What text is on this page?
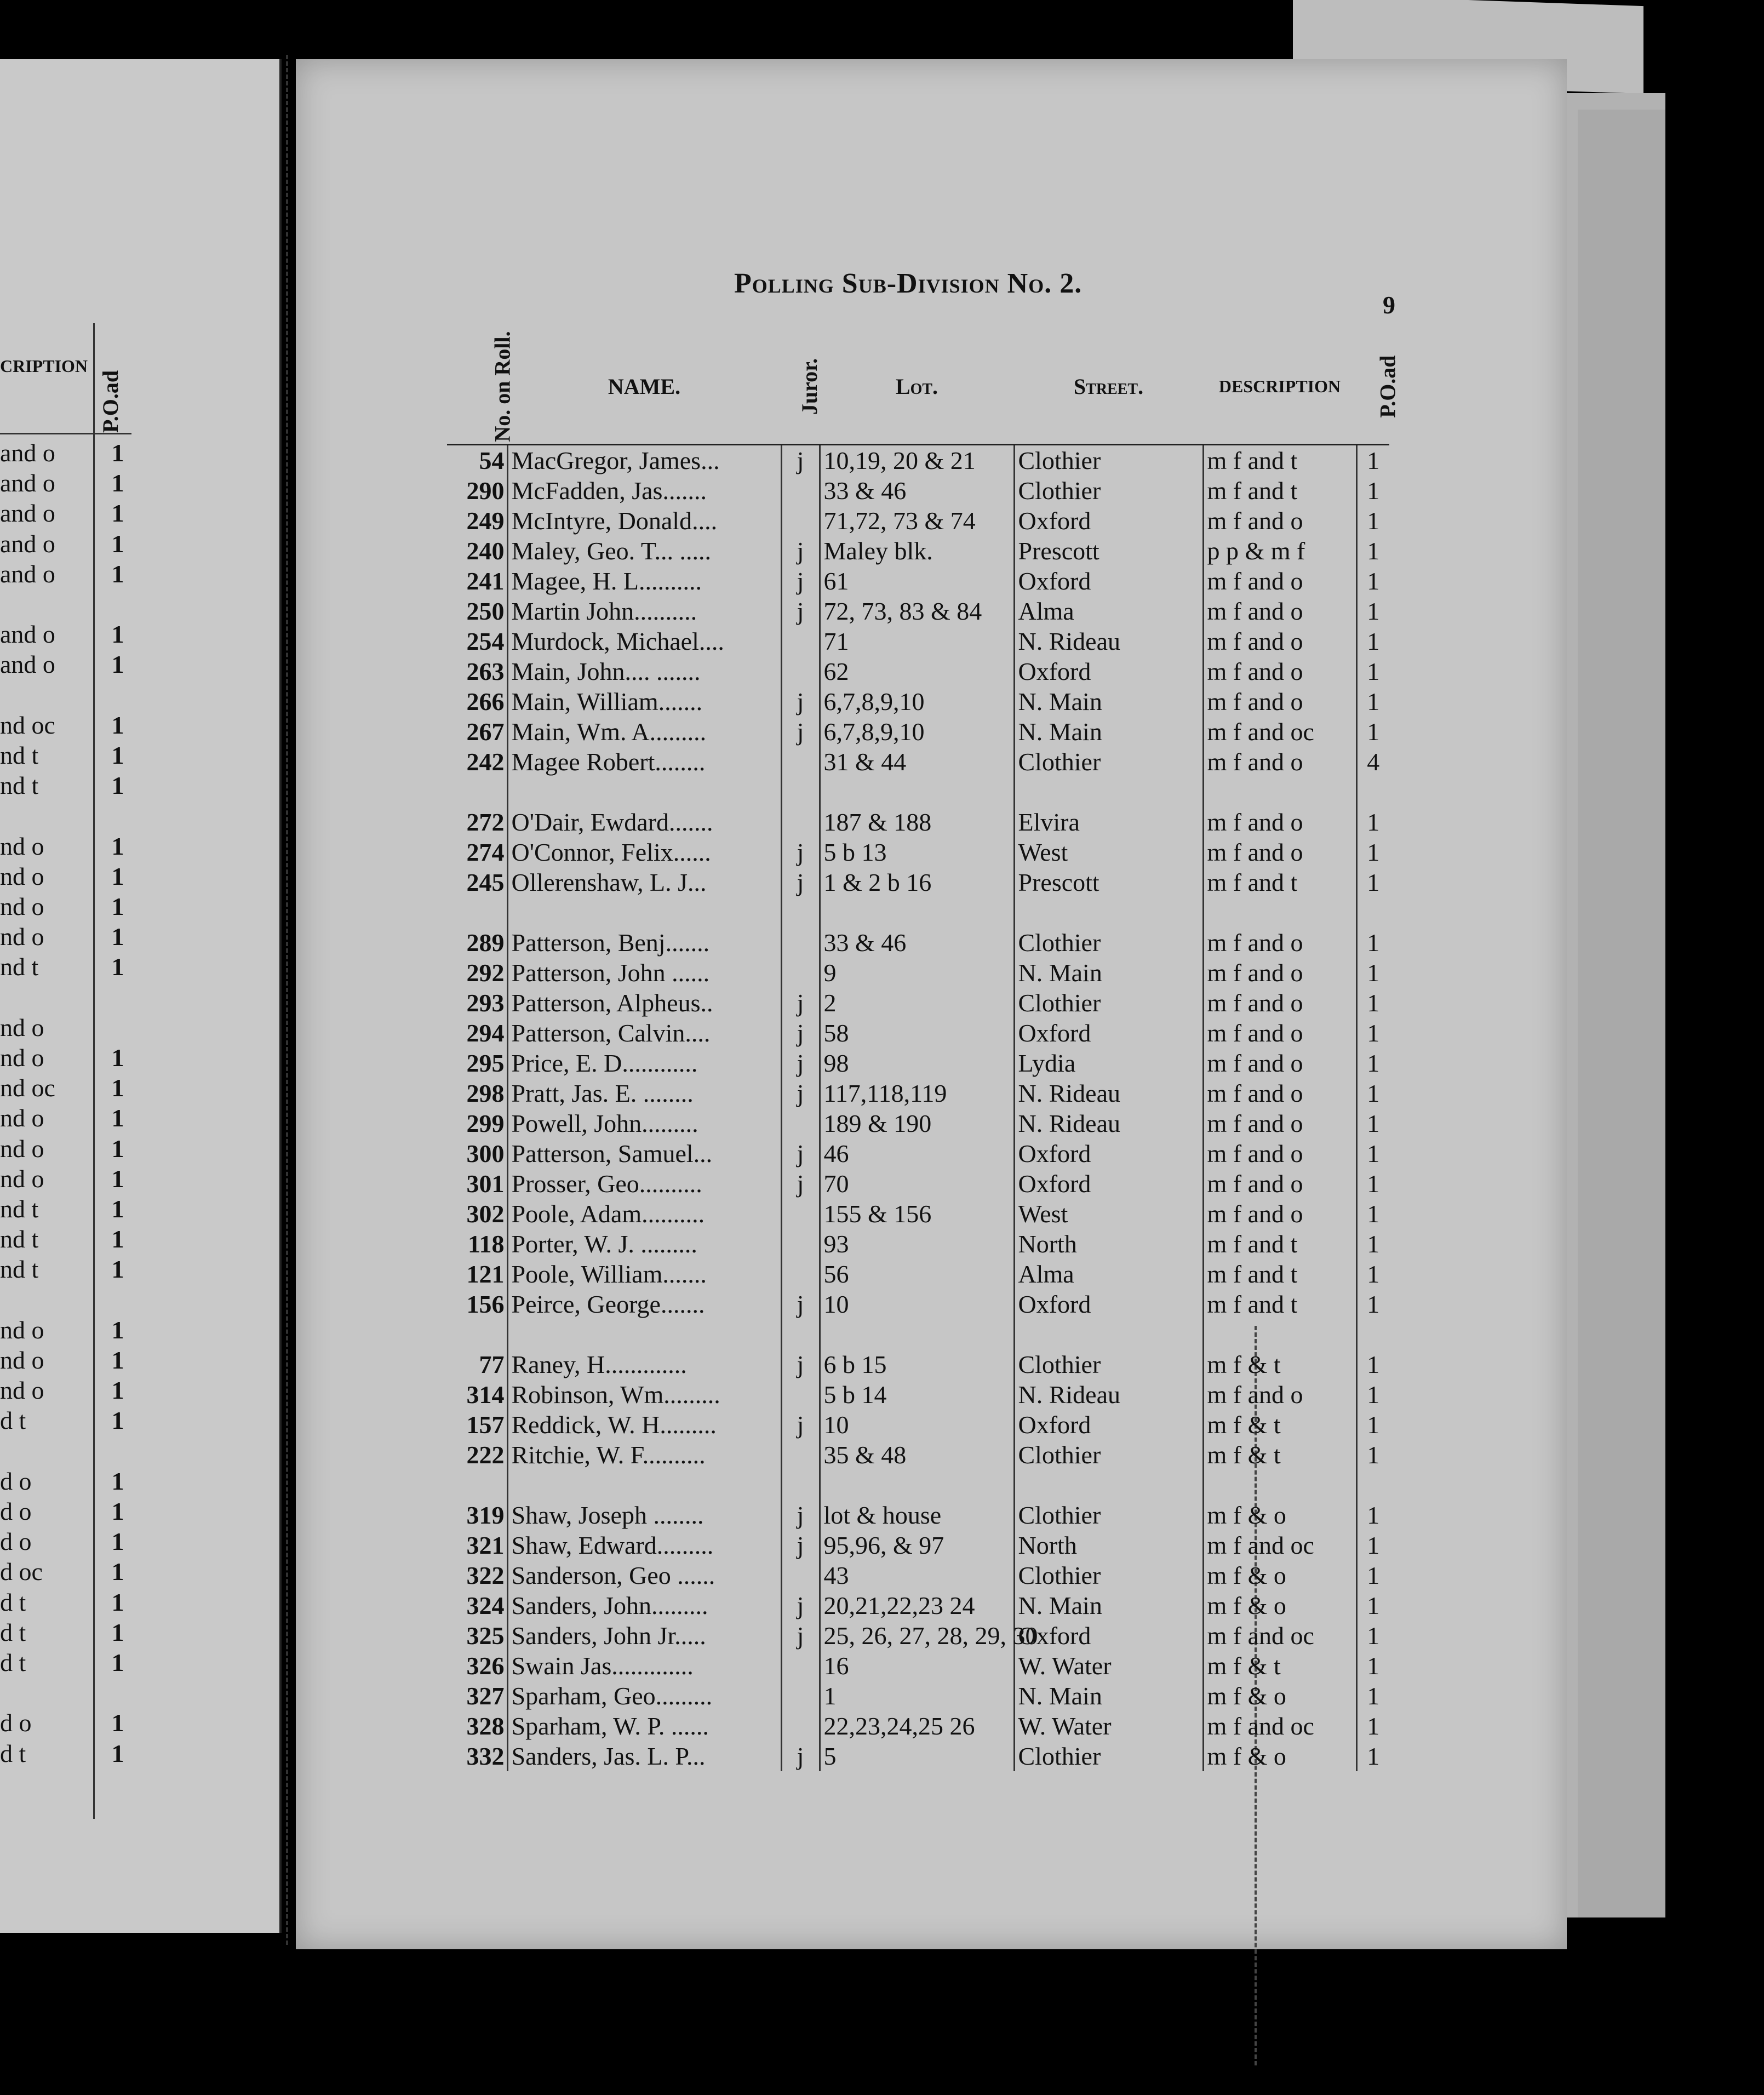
CRIPTION
P.O.ad
and o	1
and o	1
and o	1
and o	1
and o	1
and o	1
and o	1
nd oc	1
nd t	1
nd t	1
nd o	1
nd o	1
nd o	1
nd o	1
nd t	1
nd o
nd o	1
nd oc	1
nd o	1
nd o	1
nd o	1
nd t	1
nd t	1
nd t	1
nd o	1
nd o	1
nd o	1
d t	1
d o	1
d o	1
d o	1
d oc	1
d t	1
d t	1
d t	1
d o	1
d t	1
Polling Sub-Division No. 2.
9
No. on Roll.	NAME.	Juror.	Lot.	Street.	DESCRIPTION	P.O.ad
54	MacGregor, James...	j	10,19, 20 & 21	Clothier	m f and t	1
290	McFadden, Jas.......		33 & 46	Clothier	m f and t	1
249	McIntyre, Donald....		71,72, 73 & 74	Oxford	m f and o	1
240	Maley, Geo. T... .....	j	Maley blk.	Prescott	p p & m f	1
241	Magee, H. L..........	j	61	Oxford	m f and o	1
250	Martin John..........	j	72, 73, 83 & 84	Alma	m f and o	1
254	Murdock, Michael....		71	N. Rideau	m f and o	1
263	Main, John.... .......		62	Oxford	m f and o	1
266	Main, William.......	j	6,7,8,9,10	N. Main	m f and o	1
267	Main, Wm. A.........	j	6,7,8,9,10	N. Main	m f and oc	1
242	Magee Robert........		31 & 44	Clothier	m f and o	4

272	O'Dair, Ewdard.......		187 & 188	Elvira	m f and o	1
274	O'Connor, Felix......	j	5 b 13	West	m f and o	1
245	Ollerenshaw, L. J...	j	1 & 2 b 16	Prescott	m f and t	1

289	Patterson, Benj.......		33 & 46	Clothier	m f and o	1
292	Patterson, John ......		9	N. Main	m f and o	1
293	Patterson, Alpheus..	j	2	Clothier	m f and o	1
294	Patterson, Calvin....	j	58	Oxford	m f and o	1
295	Price, E. D............	j	98	Lydia	m f and o	1
298	Pratt, Jas. E. ........	j	117,118,119	N. Rideau	m f and o	1
299	Powell, John.........		189 & 190	N. Rideau	m f and o	1
300	Patterson, Samuel...	j	46	Oxford	m f and o	1
301	Prosser, Geo..........	j	70	Oxford	m f and o	1
302	Poole, Adam..........		155 & 156	West	m f and o	1
118	Porter, W. J. .........		93	North	m f and t	1
121	Poole, William.......		56	Alma	m f and t	1
156	Peirce, George.......	j	10	Oxford	m f and t	1

77	Raney, H.............	j	6 b 15	Clothier	m f & t	1
314	Robinson, Wm.........		5 b 14	N. Rideau	m f and o	1
157	Reddick, W. H.........	j	10	Oxford	m f & t	1
222	Ritchie, W. F..........		35 & 48	Clothier	m f & t	1

319	Shaw, Joseph ........	j	lot & house	Clothier	m f & o	1
321	Shaw, Edward.........	j	95,96, & 97	North	m f and oc	1
322	Sanderson, Geo ......		43	Clothier	m f & o	1
324	Sanders, John.........	j	20,21,22,23 24	N. Main	m f & o	1
325	Sanders, John Jr.....	j	25, 26, 27, 28, 29, 30	Oxford	m f and oc	1
326	Swain Jas.............		16	W. Water	m f & t	1
327	Sparham, Geo.........		1	N. Main	m f & o	1
328	Sparham, W. P. ......		22,23,24,25 26	W. Water	m f and oc	1
332	Sanders, Jas. L. P...	j	5	Clothier	m f & o	1
